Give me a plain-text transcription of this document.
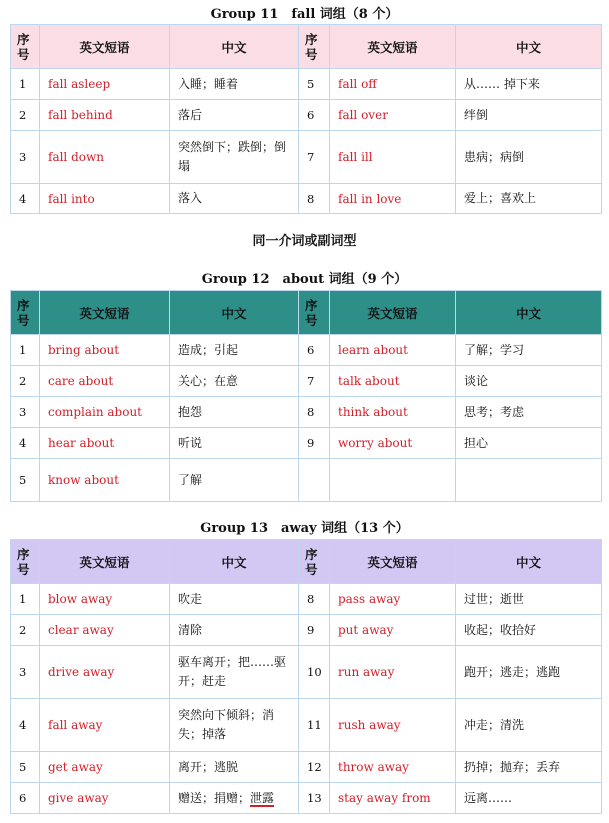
Group 11　fall 词组（8 个）
序号	英文短语	中文	序号	英文短语	中文
1	fall asleep	入睡；睡着	5	fall off	从…… 掉下来
2	fall behind	落后	6	fall over	绊倒
3	fall down	突然倒下；跌倒；倒塌	7	fall ill	患病；病倒
4	fall into	落入	8	fall in love	爱上；喜欢上
同一介词或副词型
Group 12　about 词组（9 个）
序号	英文短语	中文	序号	英文短语	中文
1	bring about	造成；引起	6	learn about	了解；学习
2	care about	关心；在意	7	talk about	谈论
3	complain about	抱怨	8	think about	思考；考虑
4	hear about	听说	9	worry about	担心
5	know about	了解			
Group 13　away 词组（13 个）
序号	英文短语	中文	序号	英文短语	中文
1	blow away	吹走	8	pass away	过世；逝世
2	clear away	清除	9	put away	收起；收拾好
3	drive away	驱车离开；把……驱开；赶走	10	run away	跑开；逃走；逃跑
4	fall away	突然向下倾斜；消失；掉落	11	rush away	冲走；清洗
5	get away	离开；逃脱	12	throw away	扔掉；抛弃；丢弃
6	give away	赠送；捐赠；泄露	13	stay away from	远离……
